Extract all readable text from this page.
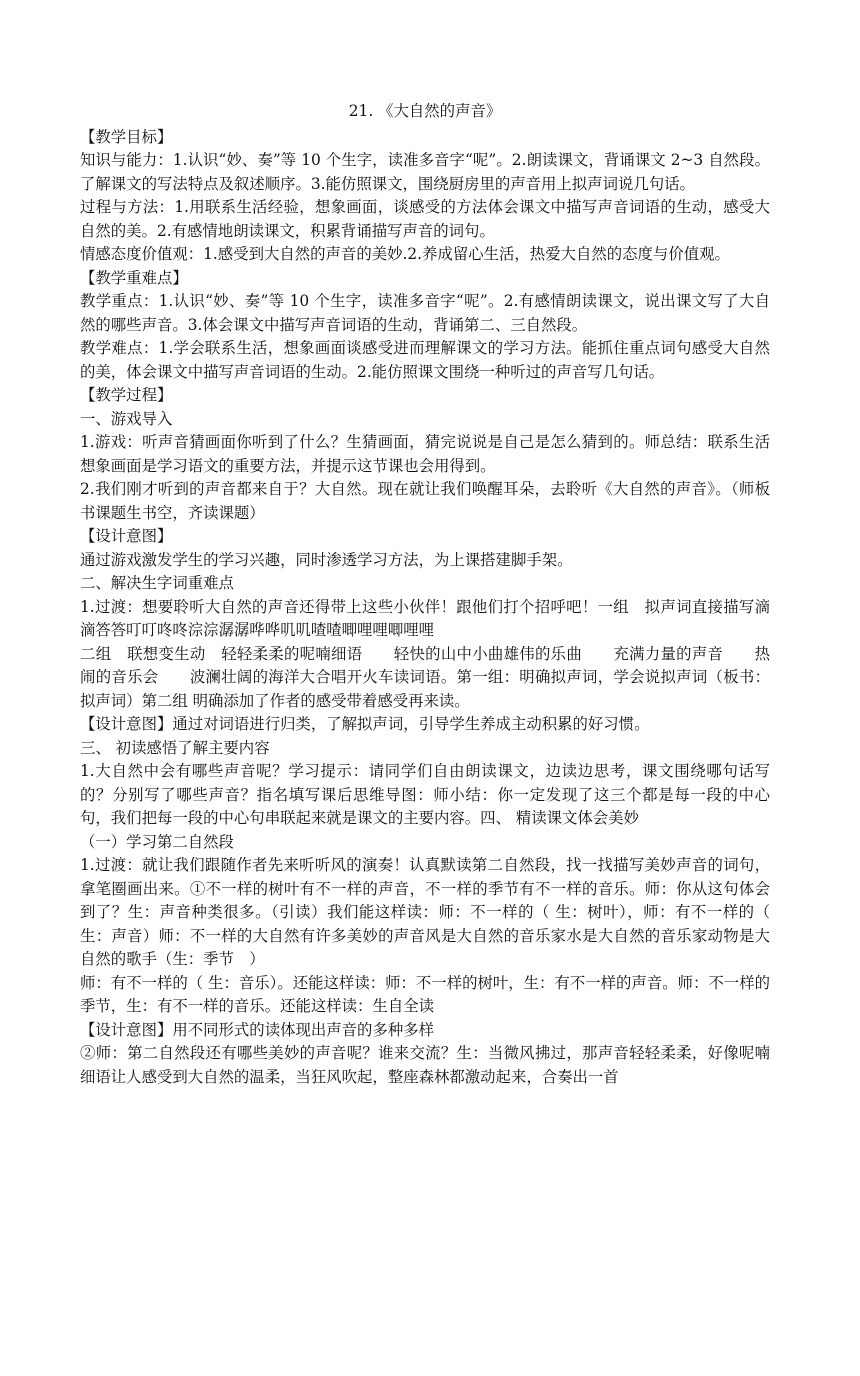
21. 《大自然的声音》

【教学目标】

知识与能力：1.认识“妙、奏”等 10 个生字，读准多音字“呢”。2.朗读课文，背诵课文 2~3 自然段。了解课文的写法特点及叙述顺序。3.能仿照课文，围绕厨房里的声音用上拟声词说几句话。

过程与方法：1.用联系生活经验，想象画面，谈感受的方法体会课文中描写声音词语的生动，感受大自然的美。2.有感情地朗读课文，积累背诵描写声音的词句。

情感态度价值观：1.感受到大自然的声音的美妙.2.养成留心生活，热爱大自然的态度与价值观。

【教学重难点】

教学重点：1.认识“妙、奏”等 10 个生字，读准多音字“呢”。2.有感情朗读课文，说出课文写了大自然的哪些声音。3.体会课文中描写声音词语的生动，背诵第二、三自然段。

教学难点：1.学会联系生活，想象画面谈感受进而理解课文的学习方法。能抓住重点词句感受大自然的美，体会课文中描写声音词语的生动。2.能仿照课文围绕一种听过的声音写几句话。

【教学过程】

一、游戏导入

1.游戏：听声音猜画面你听到了什么？生猜画面，猜完说说是自己是怎么猜到的。师总结：联系生活想象画面是学习语文的重要方法，并提示这节课也会用得到。

2.我们刚才听到的声音都来自于？大自然。现在就让我们唤醒耳朵，去聆听《大自然的声音》。（师板书课题生书空，齐读课题）

【设计意图】

通过游戏激发学生的学习兴趣，同时渗透学习方法，为上课搭建脚手架。

二、解决生字词重难点

1.过渡：想要聆听大自然的声音还得带上这些小伙伴！跟他们打个招呼吧！一组　拟声词直接描写滴滴答答叮叮咚咚淙淙潺潺哗哗叽叽喳喳唧哩哩唧哩哩

二组　联想变生动　轻轻柔柔的呢喃细语　　轻快的山中小曲雄伟的乐曲　　充满力量的声音　　热闹的音乐会　　波澜壮阔的海洋大合唱开火车读词语。第一组：明确拟声词，学会说拟声词（板书：拟声词）第二组 明确添加了作者的感受带着感受再来读。

【设计意图】通过对词语进行归类，了解拟声词，引导学生养成主动积累的好习惯。

三、 初读感悟了解主要内容

1.大自然中会有哪些声音呢？学习提示：请同学们自由朗读课文，边读边思考，课文围绕哪句话写的？分别写了哪些声音？指名填写课后思维导图：师小结：你一定发现了这三个都是每一段的中心句，我们把每一段的中心句串联起来就是课文的主要内容。四、 精读课文体会美妙

（一）学习第二自然段

1.过渡：就让我们跟随作者先来听听风的演奏！认真默读第二自然段，找一找描写美妙声音的词句，拿笔圈画出来。①不一样的树叶有不一样的声音，不一样的季节有不一样的音乐。师：你从这句体会到了？生：声音种类很多。（引读）我们能这样读：师：不一样的（ 生：树叶），师：有不一样的（ 生：声音）师：不一样的大自然有许多美妙的声音风是大自然的音乐家水是大自然的音乐家动物是大自然的歌手（生：季节　）

师：有不一样的（ 生：音乐）。还能这样读：师：不一样的树叶，生：有不一样的声音。师：不一样的季节，生：有不一样的音乐。还能这样读：生自全读

【设计意图】用不同形式的读体现出声音的多种多样

②师：第二自然段还有哪些美妙的声音呢？谁来交流？生：当微风拂过，那声音轻轻柔柔，好像呢喃细语让人感受到大自然的温柔，当狂风吹起，整座森林都激动起来，合奏出一首
